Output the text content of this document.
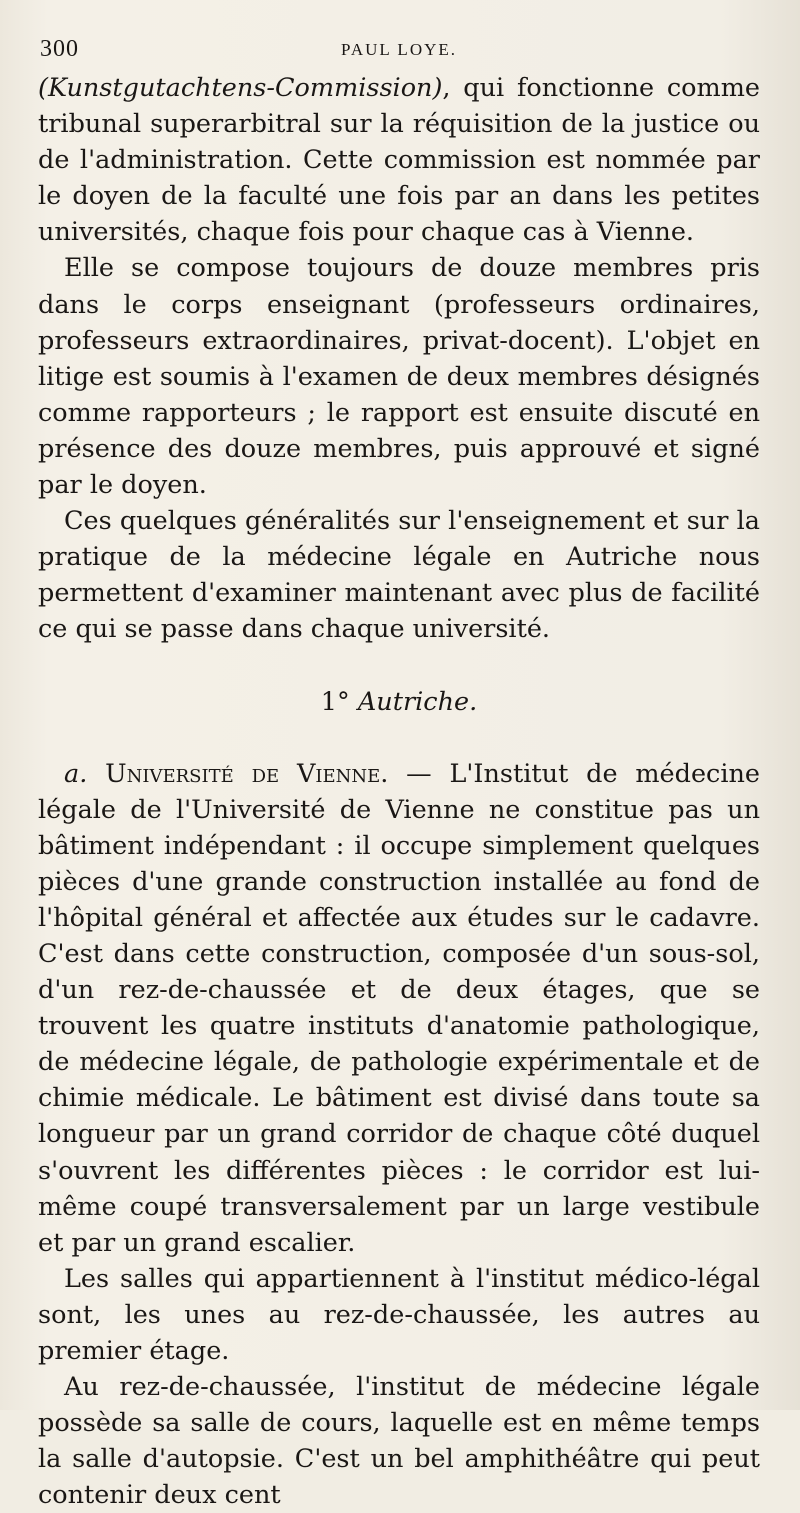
300	PAUL LOYE.

(Kunstgutachtens-Commission), qui fonctionne comme tribunal superarbitral sur la réquisition de la justice ou de l'administration. Cette commission est nommée par le doyen de la faculté une fois par an dans les petites universités, chaque fois pour chaque cas à Vienne.

Elle se compose toujours de douze membres pris dans le corps enseignant (professeurs ordinaires, professeurs extraordinaires, privat-docent). L'objet en litige est soumis à l'examen de deux membres désignés comme rapporteurs ; le rapport est ensuite discuté en présence des douze membres, puis approuvé et signé par le doyen.

Ces quelques généralités sur l'enseignement et sur la pratique de la médecine légale en Autriche nous permettent d'examiner maintenant avec plus de facilité ce qui se passe dans chaque université.

1° Autriche.

a. Université de Vienne. — L'Institut de médecine légale de l'Université de Vienne ne constitue pas un bâtiment indépendant : il occupe simplement quelques pièces d'une grande construction installée au fond de l'hôpital général et affectée aux études sur le cadavre. C'est dans cette construction, composée d'un sous-sol, d'un rez-de-chaussée et de deux étages, que se trouvent les quatre instituts d'anatomie pathologique, de médecine légale, de pathologie expérimentale et de chimie médicale. Le bâtiment est divisé dans toute sa longueur par un grand corridor de chaque côté duquel s'ouvrent les différentes pièces : le corridor est lui-même coupé transversalement par un large vestibule et par un grand escalier.

Les salles qui appartiennent à l'institut médico-légal sont, les unes au rez-de-chaussée, les autres au premier étage.

Au rez-de-chaussée, l'institut de médecine légale possède sa salle de cours, laquelle est en même temps la salle d'autopsie. C'est un bel amphithéâtre qui peut contenir deux cent
